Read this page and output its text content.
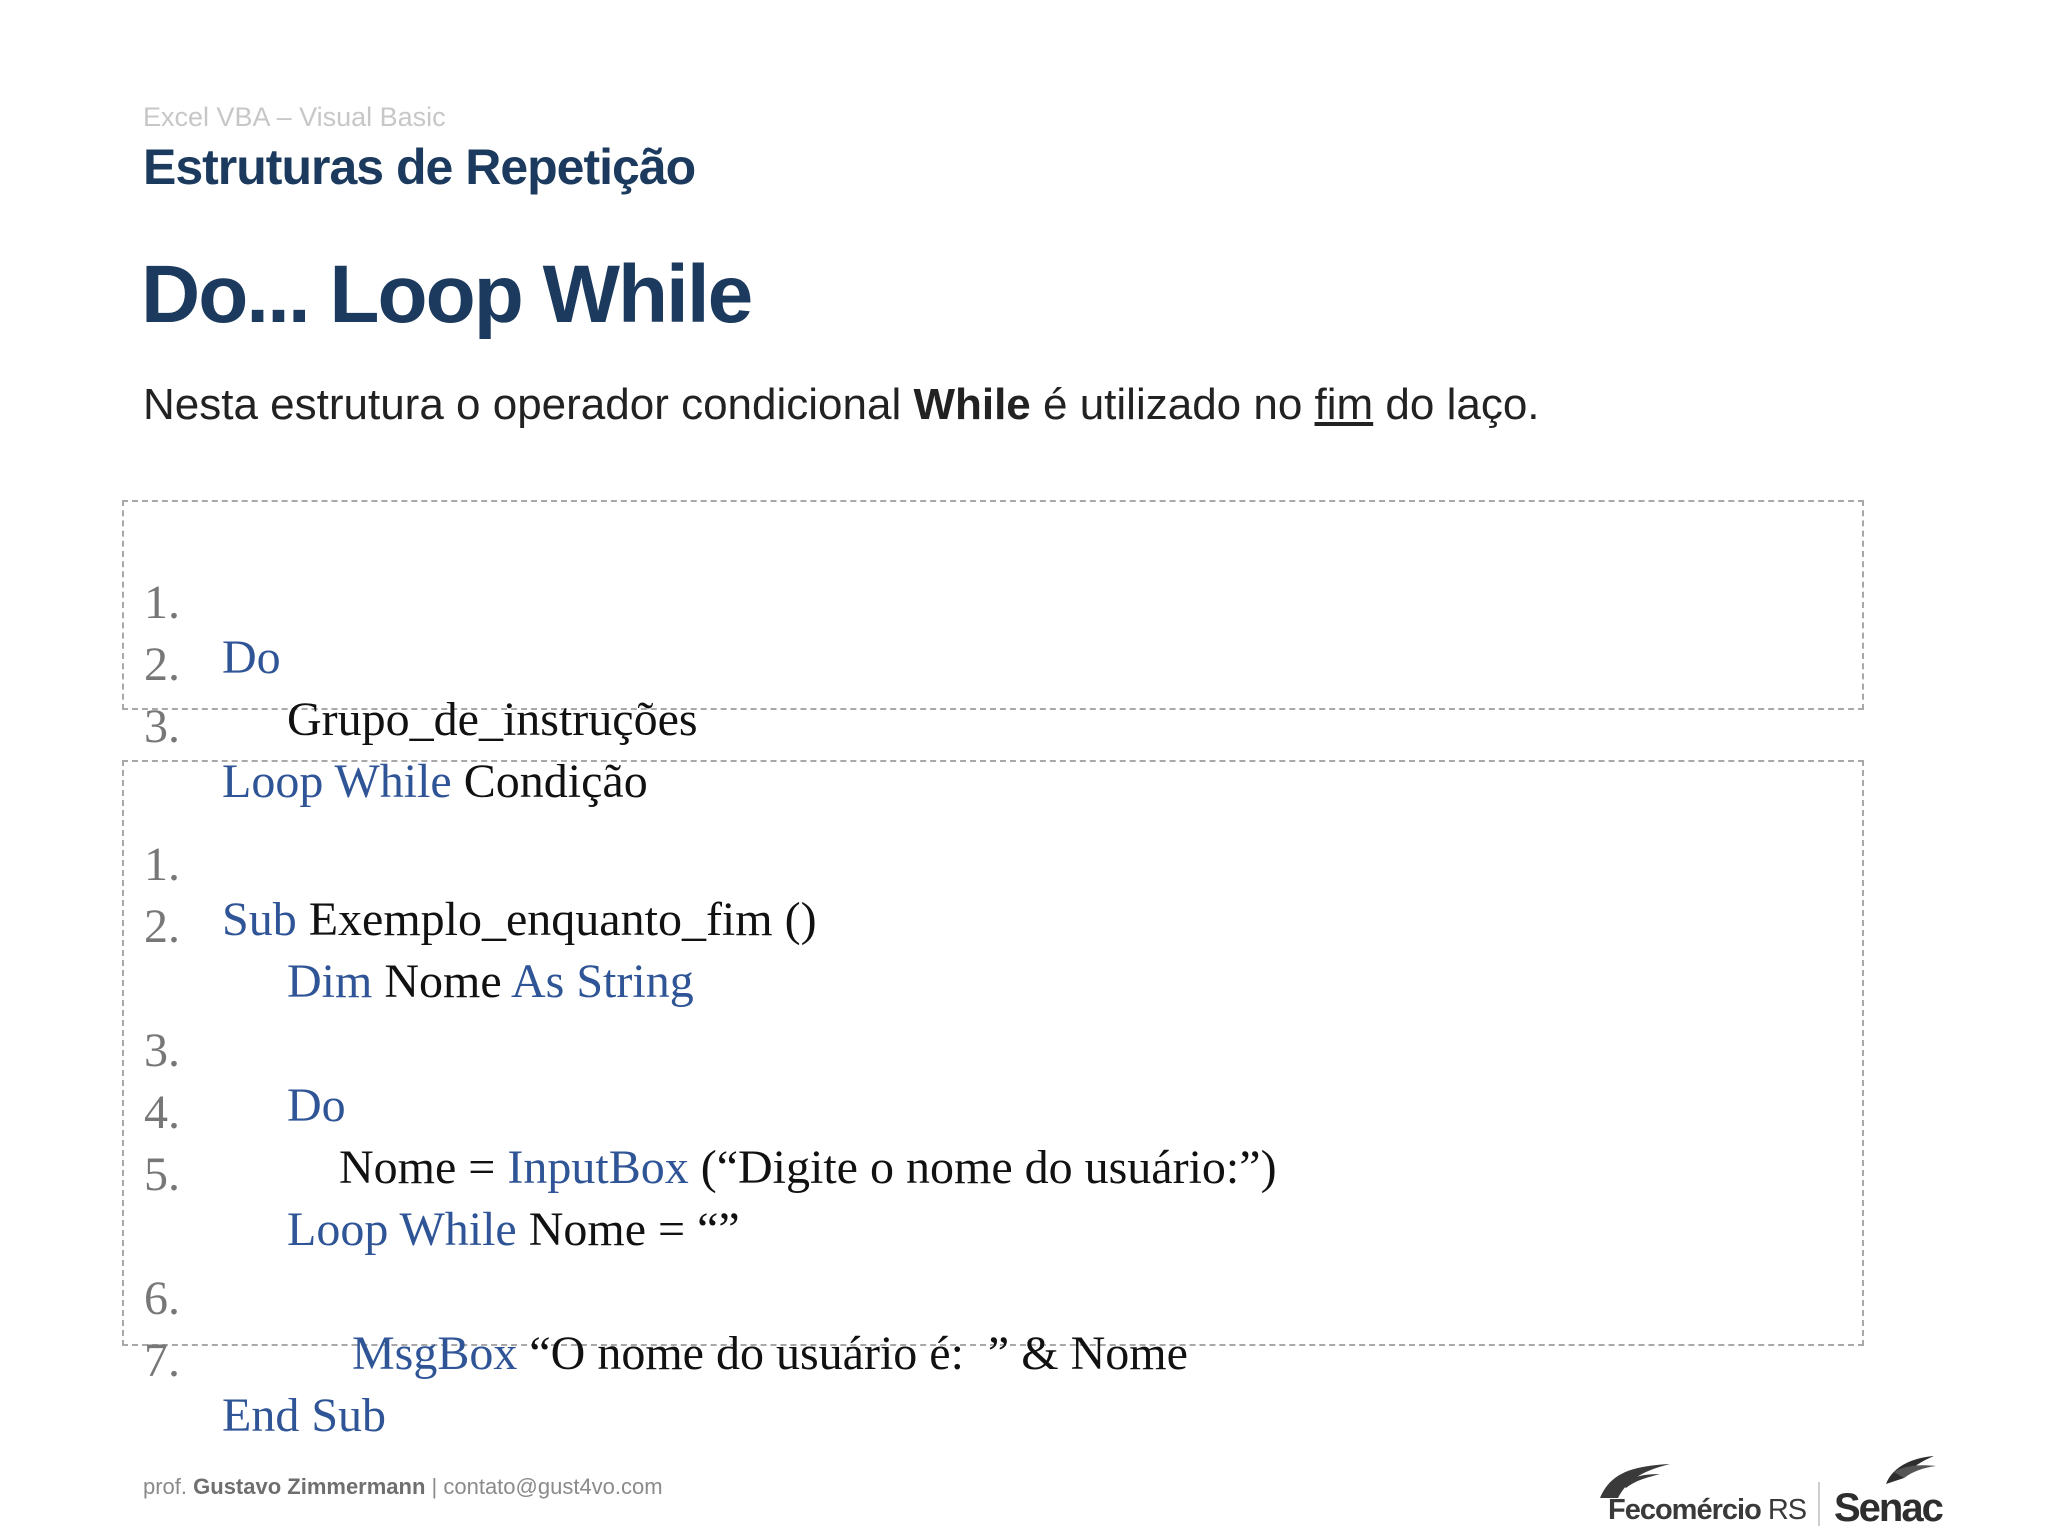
Excel VBA – Visual Basic
Estruturas de Repetição
Do... Loop While
Nesta estrutura o operador condicional While é utilizado no fim do laço.

1.

Do

2.

Grupo_de_instruções

3.

Loop While Condição

1.

Sub Exemplo_enquanto_fim ()

2.

Dim Nome As String

3.

Do

4.

Nome = InputBox (“Digite o nome do usuário:”)

5.

Loop While Nome = “”

6.

MsgBox “O nome do usuário é:  ” & Nome

7.

End Sub

prof. Gustavo Zimmermann | contato@gust4vo.com
Fecomércio RS Senac
